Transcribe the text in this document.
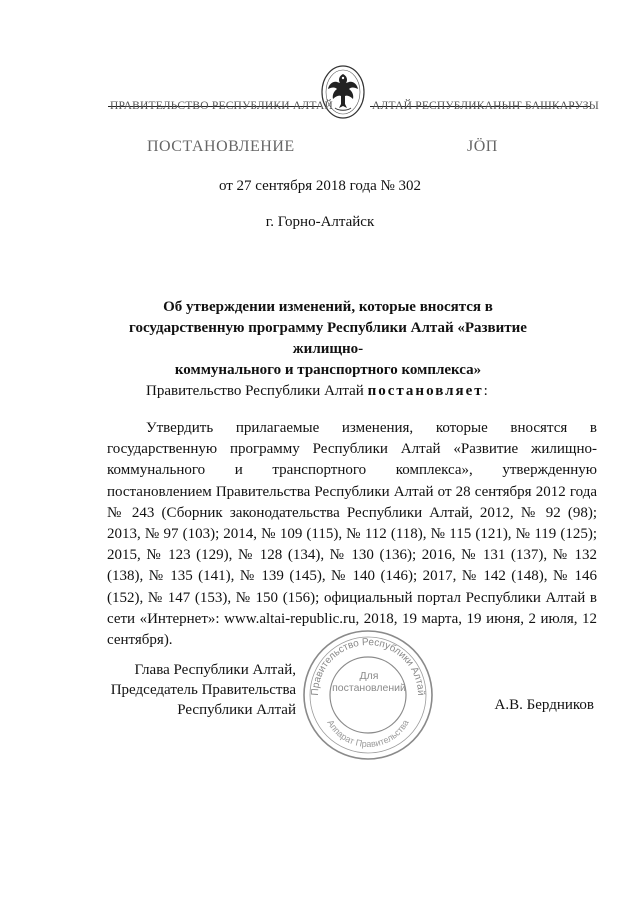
ПРАВИТЕЛЬСТВО РЕСПУБЛИКИ АЛТАЙ	АЛТАЙ РЕСПУБЛИКАНЫҤ БАШКАРУЗЫ
ПОСТАНОВЛЕНИЕ	ЈӦП
от 27 сентября 2018 года № 302
г. Горно-Алтайск
Об утверждении изменений, которые вносятся в
государственную программу Республики Алтай «Развитие жилищно-
коммунального и транспортного комплекса»
Правительство Республики Алтай постановляет:

Утвердить прилагаемые изменения, которые вносятся в государственную программу Республики Алтай «Развитие жилищно-коммунального и транспортного комплекса», утвержденную постановлением Правительства Республики Алтай от 28 сентября 2012 года № 243 (Сборник законодательства Республики Алтай, 2012, № 92 (98); 2013, № 97 (103); 2014, № 109 (115), № 112 (118), № 115 (121), № 119 (125); 2015, № 123 (129), № 128 (134), № 130 (136); 2016, № 131 (137), № 132 (138), № 135 (141), № 139 (145), № 140 (146); 2017, № 142 (148), № 146 (152), № 147 (153), № 150 (156); официальный портал Республики Алтай в сети «Интернет»: www.altai-republic.ru, 2018, 19 марта, 19 июня, 2 июля, 12 сентября).

Глава Республики Алтай,
Председатель Правительства
Республики Алтай
Правительство Республики Алтай
Аппарат Правительства
Для
постановлений
А.В. Бердников
